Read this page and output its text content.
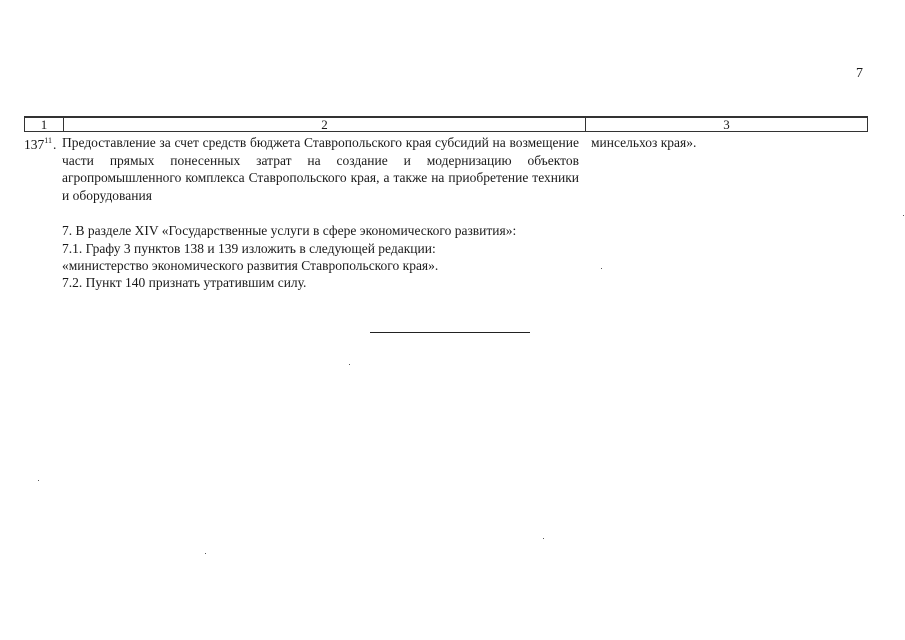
7
1	2	3
$137^{11}$. Предоставление за счет средств бюджета Ставропольского края субсидий на возмещение части прямых понесенных затрат на создание и модернизацию объектов агропромышленного комплекса Ставропольского края, а также на приобретение техники и оборудования
минсельхоз края».
7. В разделе XIV «Государственные услуги в сфере экономического развития»:
7.1. Графу 3 пунктов 138 и 139 изложить в следующей редакции:
«министерство экономического развития Ставропольского края».
7.2. Пункт 140 признать утратившим силу.
